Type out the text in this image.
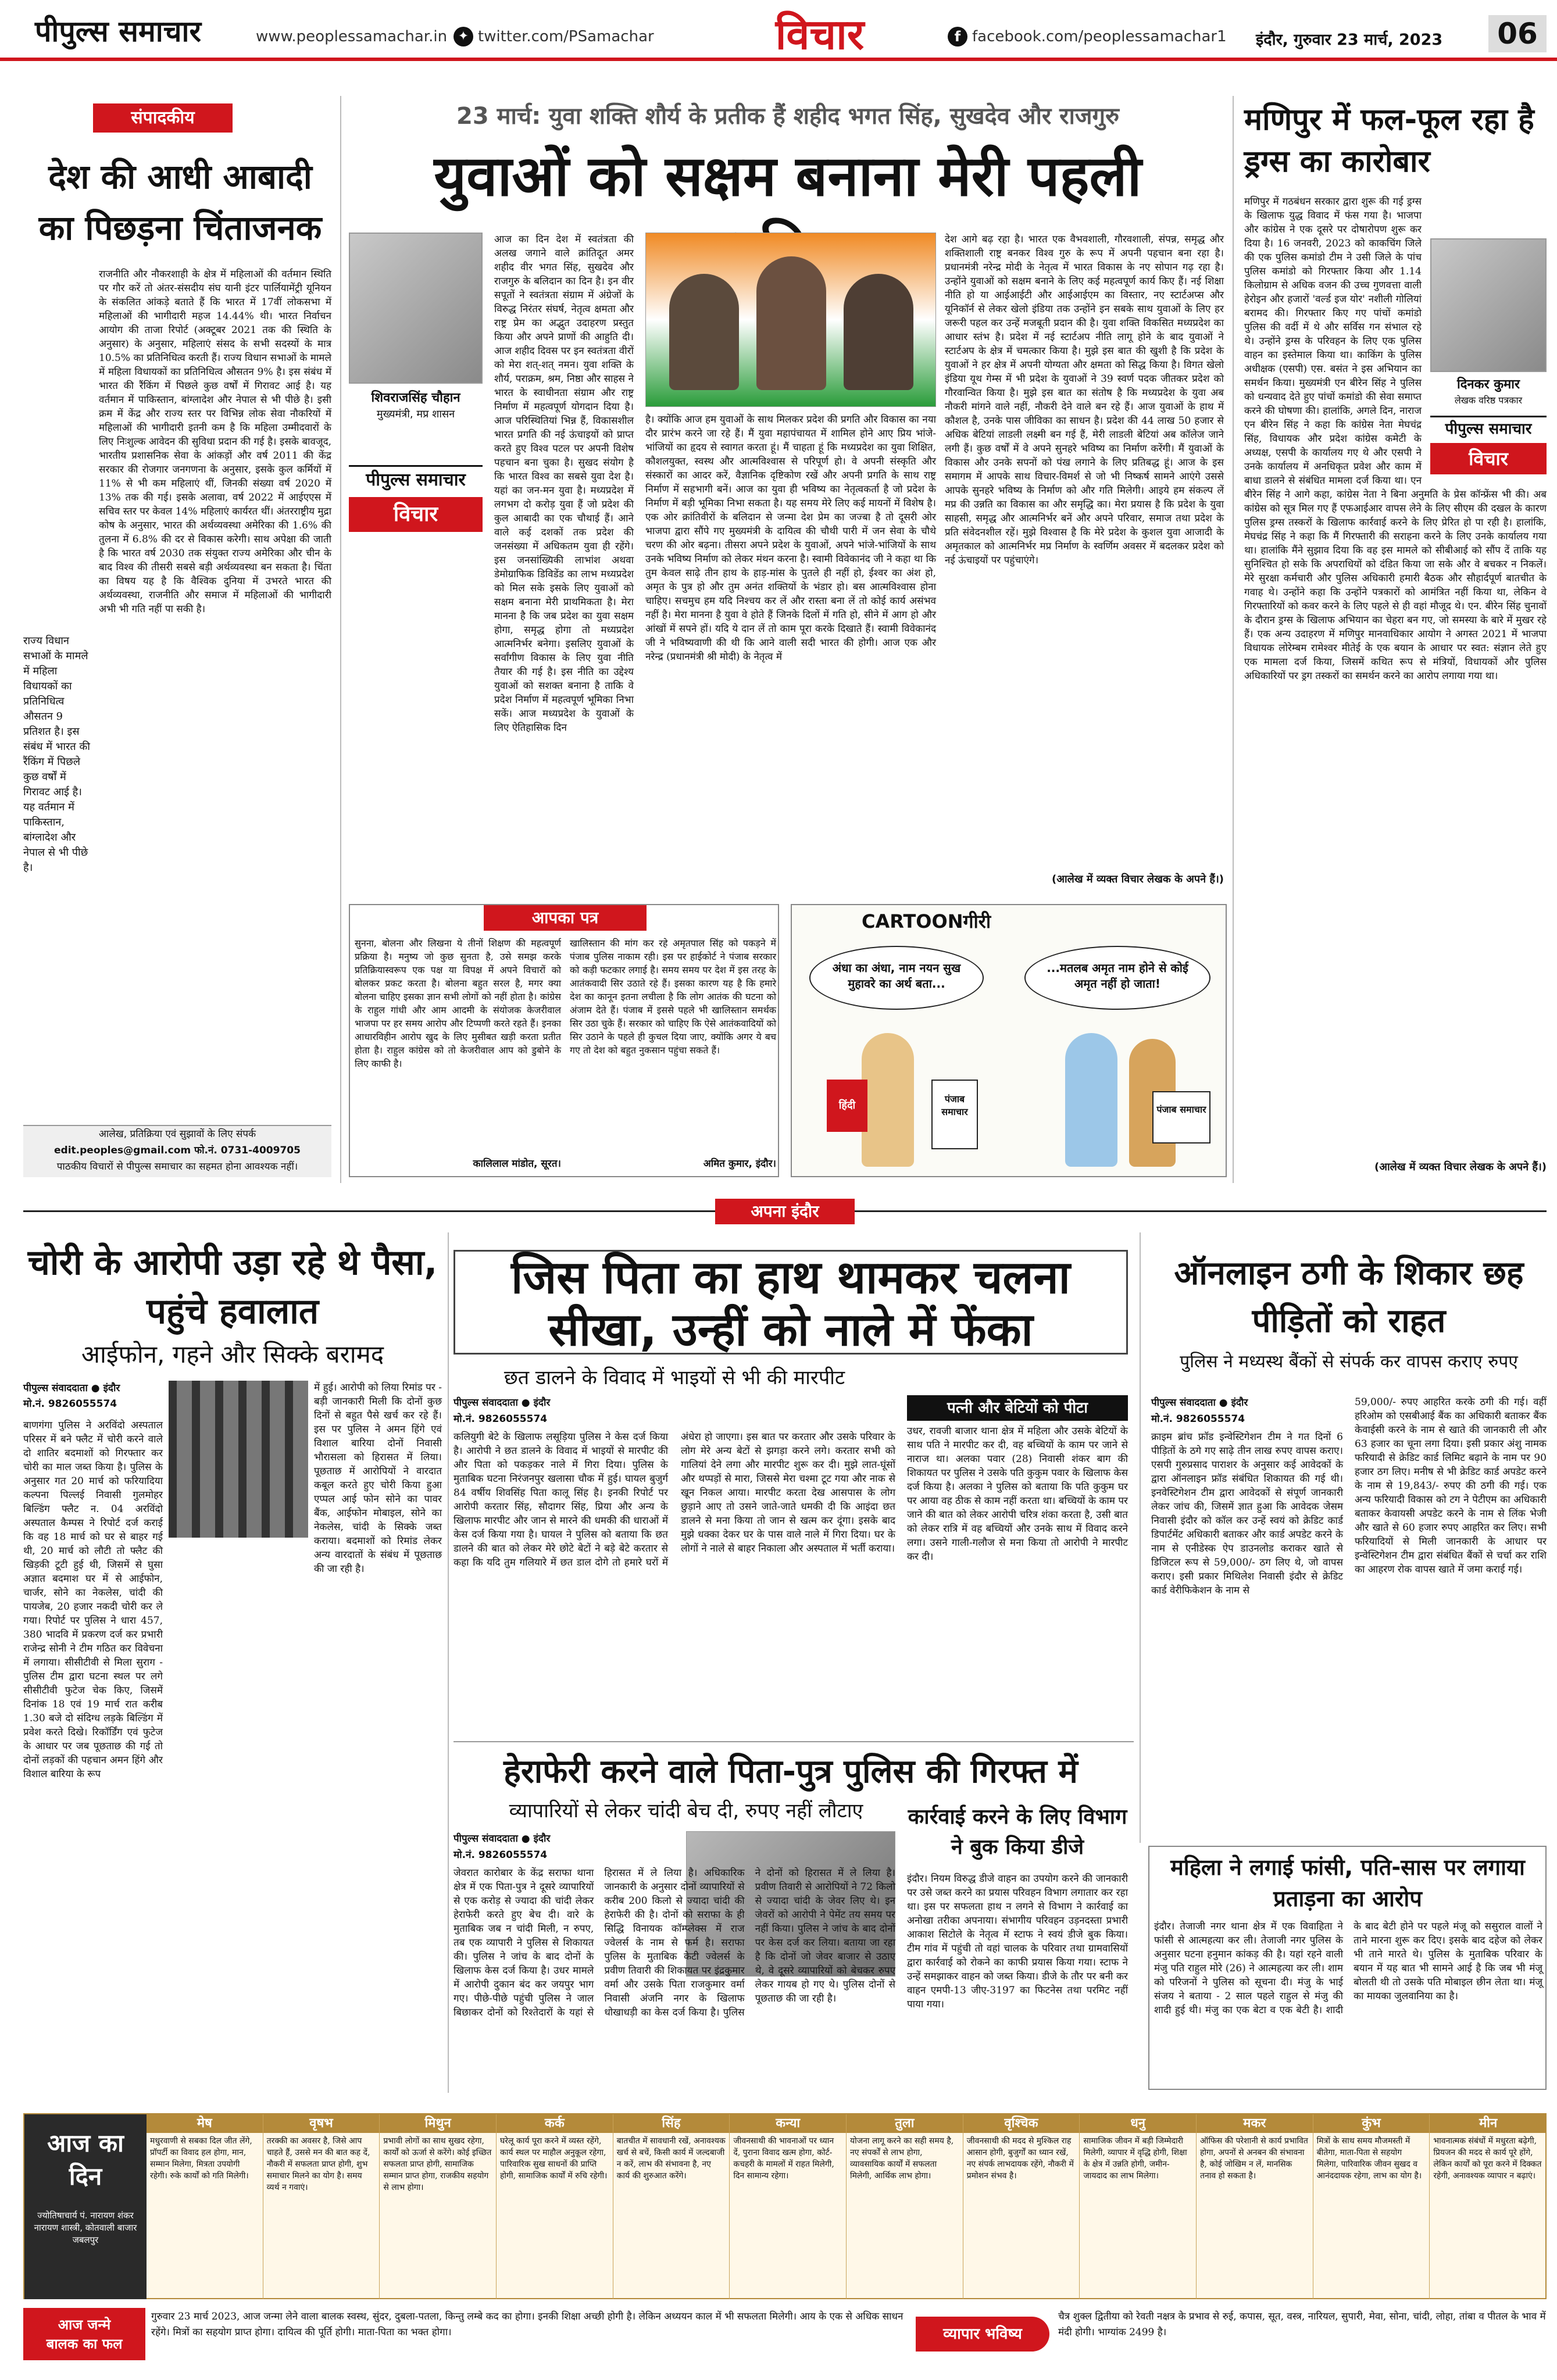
पीपुल्स समाचार	www.peoplessamachar.in ✦ twitter.com/PSamachar	विचार	f facebook.com/peoplessamachar1 इंदौर, गुरुवार 23 मार्च, 2023	06
संपादकीय
देश की आधी आबादी का पिछड़ना चिंताजनक
राजनीति और नौकरशाही के क्षेत्र में महिलाओं की वर्तमान स्थिति पर गौर करें तो अंतर-संसदीय संघ यानी इंटर पार्लियामेंट्री यूनियन के संकलित आंकड़े बताते हैं कि भारत में 17वीं लोकसभा में महिलाओं की भागीदारी महज 14.44% थी। भारत निर्वाचन आयोग की ताजा रिपोर्ट (अक्टूबर 2021 तक की स्थिति के अनुसार) के अनुसार, महिलाएं संसद के सभी सदस्यों के मात्र 10.5% का प्रतिनिधित्व करती हैं। राज्य विधान सभाओं के मामले में महिला विधायकों का प्रतिनिधित्व औसतन 9% है। इस संबंध में भारत की रैंकिंग में पिछले कुछ वर्षों में गिरावट आई है। यह वर्तमान में पाकिस्तान, बांग्लादेश और नेपाल से भी पीछे है। इसी क्रम में केंद्र और राज्य स्तर पर विभिन्न लोक सेवा नौकरियों में महिलाओं की भागीदारी इतनी कम है कि महिला उम्मीदवारों के लिए निःशुल्क आवेदन की सुविधा प्रदान की गई है। इसके बावजूद, भारतीय प्रशासनिक सेवा के आंकड़ों और वर्ष 2011 की केंद्र सरकार की रोजगार जनगणना के अनुसार, इसके कुल कर्मियों में 11% से भी कम महिलाएं थीं, जिनकी संख्या वर्ष 2020 में 13% तक की गई। इसके अलावा, वर्ष 2022 में आईएएस में सचिव स्तर पर केवल 14% महिलाएं कार्यरत थीं। अंतरराष्ट्रीय मुद्रा कोष के अनुसार, भारत की अर्थव्यवस्था अमेरिका की 1.6% की तुलना में 6.8% की दर से विकास करेगी। साथ अपेक्षा की जाती है कि भारत वर्ष 2030 तक संयुक्त राज्य अमेरिका और चीन के बाद विश्व की तीसरी सबसे बड़ी अर्थव्यवस्था बन सकता है। चिंता का विषय यह है कि वैश्विक दुनिया में उभरते भारत की अर्थव्यवस्था, राजनीति और समाज में महिलाओं की भागीदारी अभी भी गति नहीं पा सकी है।
राज्य विधान सभाओं के मामले में महिला विधायकों का प्रतिनिधित्व औसतन 9 प्रतिशत है। इस संबंध में भारत की रैंकिंग में पिछले कुछ वर्षों में गिरावट आई है। यह वर्तमान में पाकिस्तान, बांग्लादेश और नेपाल से भी पीछे है।
आलेख, प्रतिक्रिया एवं सुझावों के लिए संपर्क
edit.peoples@gmail.com फो.नं. 0731-4009705
पाठकीय विचारों से पीपुल्स समाचार का सहमत होना आवश्यक नहीं।
23 मार्च: युवा शक्ति शौर्य के प्रतीक हैं शहीद भगत सिंह, सुखदेव और राजगुरु
युवाओं को सक्षम बनाना मेरी पहली
शिवराजसिंह चौहान
मुख्यमंत्री, मप्र शासन
पीपुल्स समाचार
विचार
आज का दिन देश में स्वतंत्रता की अलख जगाने वाले क्रांतिदूत अमर शहीद वीर भगत सिंह, सुखदेव और राजगुरु के बलिदान का दिन है। इन वीर सपूतों ने स्वतंत्रता संग्राम में अंग्रेजों के विरुद्ध निरंतर संघर्ष, नेतृत्व क्षमता और राष्ट्र प्रेम का अद्भुत उदाहरण प्रस्तुत किया और अपने प्राणों की आहुति दी। आज शहीद दिवस पर इन स्वतंत्रता वीरों को मेरा शत्-शत् नमन। युवा शक्ति के शौर्य, पराक्रम, श्रम, निष्ठा और साहस ने भारत के स्वाधीनता संग्राम और राष्ट्र निर्माण में महत्वपूर्ण योगदान दिया है। आज परिस्थितियां भिन्न हैं, विकासशील भारत प्रगति की नई ऊंचाइयों को प्राप्त करते हुए विश्व पटल पर अपनी विशेष पहचान बना चुका है। सुखद संयोग है कि भारत विश्व का सबसे युवा देश है। यहां का जन-मन युवा है। मध्यप्रदेश में लगभग दो करोड़ युवा हैं जो प्रदेश की कुल आबादी का एक चौथाई हैं। आने वाले कई दशकों तक प्रदेश की जनसंख्या में अधिकतम युवा ही रहेंगे। इस जनसांख्यिकी लाभांश अथवा डेमोग्राफिक डिविडेंड का लाभ मध्यप्रदेश को मिल सके इसके लिए युवाओं को सक्षम बनाना मेरी प्राथमिकता है। मेरा मानना है कि जब प्रदेश का युवा सक्षम होगा, समृद्ध होगा तो मध्यप्रदेश आत्मनिर्भर बनेगा। इसलिए युवाओं के सर्वांगीण विकास के लिए युवा नीति तैयार की गई है। इस नीति का उद्देश्य युवाओं को सशक्त बनाना है ताकि वे प्रदेश निर्माण में महत्वपूर्ण भूमिका निभा सकें। आज मध्यप्रदेश के युवाओं के लिए ऐतिहासिक दिन
है। क्योंकि आज हम युवाओं के साथ मिलकर प्रदेश की प्रगति और विकास का नया दौर प्रारंभ करने जा रहे हैं। मैं युवा महापंचायत में शामिल होने आए प्रिय भांजे-भांजियों का हृदय से स्वागत करता हूं। मैं चाहता हूं कि मध्यप्रदेश का युवा शिक्षित, कौशलयुक्त, स्वस्थ और आत्मविश्वास से परिपूर्ण हो। वे अपनी संस्कृति और संस्कारों का आदर करें, वैज्ञानिक दृष्टिकोण रखें और अपनी प्रगति के साथ राष्ट्र निर्माण में सहभागी बनें। आज का युवा ही भविष्य का नेतृत्वकर्ता है जो प्रदेश के निर्माण में बड़ी भूमिका निभा सकता है। यह समय मेरे लिए कई मायनों में विशेष है। एक ओर क्रांतिवीरों के बलिदान से जन्मा देश प्रेम का जज्बा है तो दूसरी ओर भाजपा द्वारा सौंपे गए मुख्यमंत्री के दायित्व की चौथी पारी में जन सेवा के चौथे चरण की ओर बढ़ना। तीसरा अपने प्रदेश के युवाओं, अपने भांजे-भांजियों के साथ उनके भविष्य निर्माण को लेकर मंथन करना है। स्वामी विवेकानंद जी ने कहा था कि तुम केवल साढ़े तीन हाथ के हाड़-मांस के पुतले ही नहीं हो, ईश्वर का अंश हो, अमृत के पुत्र हो और तुम अनंत शक्तियों के भंडार हो। बस आत्मविश्वास होना चाहिए। सचमुच हम यदि निश्चय कर लें और रास्ता बना लें तो कोई कार्य असंभव नहीं है। मेरा मानना है युवा वे होते हैं जिनके दिलों में गति हो, सीने में आग हो और आंखों में सपने हों। यदि ये दान लें तो काम पूरा करके दिखाते हैं। स्वामी विवेकानंद जी ने भविष्यवाणी की थी कि आने वाली सदी भारत की होगी। आज एक और नरेन्द्र (प्रधानमंत्री श्री मोदी) के नेतृत्व में
देश आगे बढ़ रहा है। भारत एक वैभवशाली, गौरवशाली, संपन्न, समृद्ध और शक्तिशाली राष्ट्र बनकर विश्व गुरु के रूप में अपनी पहचान बना रहा है। प्रधानमंत्री नरेन्द्र मोदी के नेतृत्व में भारत विकास के नए सोपान गढ़ रहा है। उन्होंने युवाओं को सक्षम बनाने के लिए कई महत्वपूर्ण कार्य किए हैं। नई शिक्षा नीति हो या आईआईटी और आईआईएम का विस्तार, नए स्टार्टअप्स और यूनिकॉर्न से लेकर खेलो इंडिया तक उन्होंने इन सबके साथ युवाओं के लिए हर जरूरी पहल कर उन्हें मजबूती प्रदान की है। युवा शक्ति विकसित मध्यप्रदेश का आधार स्तंभ है। प्रदेश में नई स्टार्टअप नीति लागू होने के बाद युवाओं ने स्टार्टअप के क्षेत्र में चमत्कार किया है। मुझे इस बात की खुशी है कि प्रदेश के युवाओं ने हर क्षेत्र में अपनी योग्यता और क्षमता को सिद्ध किया है। विगत खेलो इंडिया यूथ गेम्स में भी प्रदेश के युवाओं ने 39 स्वर्ण पदक जीतकर प्रदेश को गौरवान्वित किया है। मुझे इस बात का संतोष है कि मध्यप्रदेश के युवा अब नौकरी मांगने वाले नहीं, नौकरी देने वाले बन रहे हैं। आज युवाओं के हाथ में कौशल है, उनके पास जीविका का साधन है। प्रदेश की 44 लाख 50 हजार से अधिक बेटियां लाडली लक्ष्मी बन गई हैं, मेरी लाडली बेटियां अब कॉलेज जाने लगी हैं। कुछ वर्षों में वे अपने सुनहरे भविष्य का निर्माण करेंगी। मैं युवाओं के विकास और उनके सपनों को पंख लगाने के लिए प्रतिबद्ध हूं। आज के इस समागम में आपके साथ विचार-विमर्श से जो भी निष्कर्ष सामने आएंगे उससे आपके सुनहरे भविष्य के निर्माण को और गति मिलेगी। आइये हम संकल्प लें मप्र की उन्नति का विकास का और समृद्धि का। मेरा प्रयास है कि प्रदेश के युवा साहसी, समृद्ध और आत्मनिर्भर बनें और अपने परिवार, समाज तथा प्रदेश के प्रति संवेदनशील रहें। मुझे विश्वास है कि मेरे प्रदेश के कुशल युवा आजादी के अमृतकाल को आत्मनिर्भर मप्र निर्माण के स्वर्णिम अवसर में बदलकर प्रदेश को नई ऊंचाइयों पर पहुंचाएंगे।
(आलेख में व्यक्त विचार लेखक के अपने हैं।)
मणिपुर में फल-फूल रहा है ड्रग्स का कारोबार
दिनकर कुमार
लेखक वरिष्ठ पत्रकार
पीपुल्स समाचार
विचार
मणिपुर में गठबंधन सरकार द्वारा शुरू की गई ड्रग्स के खिलाफ युद्ध विवाद में फंस गया है। भाजपा और कांग्रेस ने एक दूसरे पर दोषारोपण शुरू कर दिया है। 16 जनवरी, 2023 को काकचिंग जिले की एक पुलिस कमांडो टीम ने उसी जिले के पांच पुलिस कमांडो को गिरफ्तार किया और 1.14 किलोग्राम से अधिक वजन की उच्च गुणवत्ता वाली हेरोइन और हजारों 'वर्ल्ड इज योर' नशीली गोलियां बरामद की। गिरफ्तार किए गए पांचों कमांडो पुलिस की वर्दी में थे और सर्विस गन संभाल रहे थे। उन्होंने ड्रग्स के परिवहन के लिए एक पुलिस वाहन का इस्तेमाल किया था। काकिंग के पुलिस अधीक्षक (एसपी) एस. बसंत ने इस अभियान का समर्थन किया। मुख्यमंत्री एन बीरेन सिंह ने पुलिस को धन्यवाद देते हुए पांचों कमांडो की सेवा समाप्त करने की घोषणा की। हालांकि, अगले दिन, नाराज एन बीरेन सिंह ने कहा कि कांग्रेस नेता मेघचंद्र सिंह, विधायक और प्रदेश कांग्रेस कमेटी के अध्यक्ष, एसपी के कार्यालय गए थे और एसपी ने उनके कार्यालय में अनधिकृत प्रवेश और काम में बाधा डालने से संबंधित मामला दर्ज किया था। एन बीरेन सिंह ने आगे कहा, कांग्रेस नेता ने बिना अनुमति के प्रेस कॉन्फ्रेंस भी की। अब कांग्रेस को सूत्र मिल गए हैं एफआईआर वापस लेने के लिए सीएम की दखल के कारण पुलिस ड्रग्स तस्करों के खिलाफ कार्रवाई करने के लिए प्रेरित हो पा रही है। हालांकि, मेघचंद्र सिंह ने कहा कि मैं गिरफ्तारी की सराहना करने के लिए उनके कार्यालय गया था। हालांकि मैंने सुझाव दिया कि वह इस मामले को सीबीआई को सौंप दें ताकि यह सुनिश्चित हो सके कि अपराधियों को दंडित किया जा सके और वे बचकर न निकलें। मेरे सुरक्षा कर्मचारी और पुलिस अधिकारी हमारी बैठक और सौहार्दपूर्ण बातचीत के गवाह थे। उन्होंने कहा कि उन्होंने पत्रकारों को आमंत्रित नहीं किया था, लेकिन वे गिरफ्तारियों को कवर करने के लिए पहले से ही वहां मौजूद थे। एन. बीरेन सिंह चुनावों के दौरान ड्रग्स के खिलाफ अभियान का चेहरा बन गए, जो समस्या के बारे में मुखर रहे हैं। एक अन्य उदाहरण में मणिपुर मानवाधिकार आयोग ने अगस्त 2021 में भाजपा विधायक लोरेम्बम रामेश्वर मीतेई के एक बयान के आधार पर स्वत: संज्ञान लेते हुए एक मामला दर्ज किया, जिसमें कथित रूप से मंत्रियों, विधायकों और पुलिस अधिकारियों पर ड्रग तस्करों का समर्थन करने का आरोप लगाया गया था।
(आलेख में व्यक्त विचार लेखक के अपने हैं।)
आपका पत्र
सुनना, बोलना और लिखना ये तीनों शिक्षण की महत्वपूर्ण प्रक्रिया है। मनुष्य जो कुछ सुनता है, उसे समझ करके प्रतिक्रियास्वरूप एक पक्ष या विपक्ष में अपने विचारों को बोलकर प्रकट करता है। बोलना बहुत सरल है, मगर क्या बोलना चाहिए इसका ज्ञान सभी लोगों को नहीं होता है। कांग्रेस के राहुल गांधी और आम आदमी के संयोजक केजरीवाल भाजपा पर हर समय आरोप और टिप्पणी करते रहते हैं। इनका आधारविहीन आरोप खुद के लिए मुसीबत खड़ी करता प्रतीत होता है। राहुल कांग्रेस को तो केजरीवाल आप को डुबोने के लिए काफी है।
कालिलाल मांडोत, सूरत।
खालिस्तान की मांग कर रहे अमृतपाल सिंह को पकड़ने में पंजाब पुलिस नाकाम रही। इस पर हाईकोर्ट ने पंजाब सरकार को कड़ी फटकार लगाई है। समय समय पर देश में इस तरह के आतंकवादी सिर उठाते रहे हैं। इसका कारण यह है कि हमारे देश का कानून इतना लचीला है कि लोग आतंक की घटना को अंजाम देते हैं। पंजाब में इससे पहले भी खालिस्तान समर्थक सिर उठा चुके हैं। सरकार को चाहिए कि ऐसे आतंकवादियों को सिर उठाने के पहले ही कुचल दिया जाए, क्योंकि अगर ये बच गए तो देश को बहुत नुकसान पहुंचा सकते हैं।
अमित कुमार, इंदौर।
CARTOONगीरी
अंधा का अंधा, नाम नयन सुख मुहावरे का अर्थ बता...
...मतलब अमृत नाम होने से कोई अमृत नहीं हो जाता!
हिंदी
पंजाब समाचार	पंजाब समाचार
अपना इंदौर
चोरी के आरोपी उड़ा रहे थे पैसा, पहुंचे हवालात
आईफोन, गहने और सिक्के बरामद
पीपुल्स संवाददाता ● इंदौर
मो.नं. 9826055574
बाणगंगा पुलिस ने अरविंदो अस्पताल परिसर में बने फ्लैट में चोरी करने वाले दो शातिर बदमाशों को गिरफ्तार कर चोरी का माल जब्त किया है। पुलिस के अनुसार गत 20 मार्च को फरियादिया कल्पना पिल्लई निवासी गुलमोहर बिल्डिंग फ्लैट न. 04 अरविंदो अस्पताल कैम्पस ने रिपोर्ट दर्ज कराई कि वह 18 मार्च को घर से बाहर गई थी, 20 मार्च को लौटी तो फ्लैट की खिड़की टूटी हुई थी, जिसमें से घुसा अज्ञात बदमाश घर में से आईफोन, चार्जर, सोने का नेकलेस, चांदी की पायजेब, 20 हजार नकदी चोरी कर ले गया। रिपोर्ट पर पुलिस ने धारा 457, 380 भादवि में प्रकरण दर्ज कर प्रभारी राजेन्द्र सोनी ने टीम गठित कर विवेचना में लगाया। सीसीटीवी से मिला सुराग - पुलिस टीम द्वारा घटना स्थल पर लगे सीसीटीवी फुटेज चेक किए, जिसमें दिनांक 18 एवं 19 मार्च रात करीब 1.30 बजे दो संदिग्ध लड़के बिल्डिंग में प्रवेश करते दिखे। रिकॉर्डिंग एवं फुटेज के आधार पर जब पूछताछ की गई तो दोनों लड़कों की पहचान अमन हिंगे और विशाल बारिया के रूप
में हुई। आरोपी को लिया रिमांड पर - बड़ी जानकारी मिली कि दोनों कुछ दिनों से बहुत पैसे खर्च कर रहे हैं। इस पर पुलिस ने अमन हिंगे एवं विशाल बारिया दोनों निवासी भौरासला को हिरासत में लिया। पूछताछ में आरोपियों ने वारदात कबूल करते हुए चोरी किया हुआ एप्पल आई फोन सोने का पावर बैंक, आईफोन मोबाइल, सोने का नेकलेस, चांदी के सिक्के जब्त कराया। बदमाशों को रिमांड लेकर अन्य वारदातों के संबंध में पूछताछ की जा रही है।
जिस पिता का हाथ थामकर चलना
सीखा, उन्हीं को नाले में फेंका
छत डालने के विवाद में भाइयों से भी की मारपीट
पीपुल्स संवाददाता ● इंदौर
मो.नं. 9826055574
कलियुगी बेटे के खिलाफ लसूड़िया पुलिस ने केस दर्ज किया है। आरोपी ने छत डालने के विवाद में भाइयों से मारपीट की और पिता को पकड़कर नाले में गिरा दिया। पुलिस के मुताबिक घटना निरंजनपुर खलासा चौक में हुई। घायल बुजुर्ग 84 वर्षीय शिवसिंह पिता कालू सिंह है। इनकी रिपोर्ट पर आरोपी करतार सिंह, सौदागर सिंह, प्रिया और अन्य के खिलाफ मारपीट और जान से मारने की धमकी की धाराओं में केस दर्ज किया गया है। घायल ने पुलिस को बताया कि छत डालने की बात को लेकर मेरे छोटे बेटों ने बड़े बेटे करतार से कहा कि यदि तुम गलियारे में छत डाल दोगे तो हमारे घरों में अंधेरा हो जाएगा। इस बात पर करतार और उसके परिवार के लोग मेरे अन्य बेटों से झगड़ा करने लगे। करतार सभी को गालियां देने लगा और मारपीट शुरू कर दी। मुझे लात-घूंसों और थप्पड़ों से मारा, जिससे मेरा चश्मा टूट गया और नाक से खून निकल आया। मारपीट करता देख आसपास के लोग छुड़ाने आए तो उसने जाते-जाते धमकी दी कि आइंदा छत डालने से मना किया तो जान से खत्म कर दूंगा। इसके बाद मुझे धक्का देकर घर के पास वाले नाले में गिरा दिया। घर के लोगों ने नाले से बाहर निकाला और अस्पताल में भर्ती कराया।
पत्नी और बेटियों को पीटा
उधर, रावजी बाजार थाना क्षेत्र में महिला और उसके बेटियों के साथ पति ने मारपीट कर दी, वह बच्चियों के काम पर जाने से नाराज था। अलका पवार (28) निवासी शंकर बाग की शिकायत पर पुलिस ने उसके पति कुकुम पवार के खिलाफ केस दर्ज किया है। अलका ने पुलिस को बताया कि पति कुकुम घर पर आया वह ठीक से काम नहीं करता था। बच्चियों के काम पर जाने की बात को लेकर आरोपी चरित्र शंका करता है, उसी बात को लेकर रात्रि में वह बच्चियों और उनके साथ में विवाद करने लगा। उसने गाली-गलौज से मना किया तो आरोपी ने मारपीट कर दी।
ऑनलाइन ठगी के शिकार छह पीड़ितों को राहत
पुलिस ने मध्यस्थ बैंकों से संपर्क कर वापस कराए रुपए
पीपुल्स संवाददाता ● इंदौर
मो.नं. 9826055574
क्राइम ब्रांच फ्रॉड इन्वेस्टिगेशन टीम ने गत दिनों 6 पीड़ितों के ठगे गए साढ़े तीन लाख रुपए वापस कराए। एसपी गुरुप्रसाद पाराशर के अनुसार कई आवेदकों के द्वारा ऑनलाइन फ्रॉड संबंधित शिकायत की गई थी। इनवेस्टिगेशन टीम द्वारा आवेदकों से संपूर्ण जानकारी लेकर जांच की, जिसमें ज्ञात हुआ कि आवेदक जेसम निवासी इंदौर को कॉल कर उन्हें स्वयं को क्रेडिट कार्ड डिपार्टमेंट अधिकारी बताकर और कार्ड अपडेट करने के नाम से एनीडेस्क ऐप डाउनलोड कराकर खाते से डिजिटल रूप से 59,000/- ठग लिए थे, जो वापस कराए। इसी प्रकार मिथिलेश निवासी इंदौर से क्रेडिट कार्ड वेरीफिकेशन के नाम से
59,000/- रुपए आहरित करके ठगी की गई। वहीं हरिओम को एसबीआई बैंक का अधिकारी बताकर बैंक केवाईसी करने के नाम से खाते की जानकारी ली और 63 हजार का चूना लगा दिया। इसी प्रकार अंशु नामक फरियादी से क्रेडिट कार्ड लिमिट बढ़ाने के नाम पर 90 हजार ठग लिए। मनीष से भी क्रेडिट कार्ड अपडेट करने के नाम से 19,843/- रुपए की ठगी की गई। एक अन्य फरियादी विकास को टग ने पेटीएम का अधिकारी बताकर केवायसी अपडेट करने के नाम से लिंक भेजी और खाते से 60 हजार रुपए आहरित कर लिए। सभी फरियादियों से मिली जानकारी के आधार पर इन्वेस्टिगेशन टीम द्वारा संबंधित बैंकों से चर्चा कर राशि का आहरण रोक वापस खाते में जमा कराई गई।
हेराफेरी करने वाले पिता-पुत्र पुलिस की गिरफ्त में
व्यापारियों से लेकर चांदी बेच दी, रुपए नहीं लौटाए
पीपुल्स संवाददाता ● इंदौर
मो.नं. 9826055574
जेवरात कारोबार के केंद्र सराफा थाना क्षेत्र में एक पिता-पुत्र ने दूसरे व्यापारियों से एक करोड़ से ज्यादा की चांदी लेकर हेराफेरी करते हुए बेच दी। वारे के मुताबिक जब न चांदी मिली, न रुपए, तब एक व्यापारी ने पुलिस से शिकायत की। पुलिस ने जांच के बाद दोनों के खिलाफ केस दर्ज किया है। उधर मामले में आरोपी दुकान बंद कर जयपुर भाग गए। पीछे-पीछे पहुंची पुलिस ने जाल बिछाकर दोनों को रिश्तेदारों के यहां से हिरासत में ले लिया है। अधिकारिक जानकारी के अनुसार दोनों व्यापारियों से करीब 200 किलो से ज्यादा चांदी की हेराफेरी की है। दोनों को सराफा के ही सिद्धि विनायक कॉम्प्लेक्स में राज ज्वेलर्स के नाम से फर्म है। सराफा पुलिस के मुताबिक केटी ज्वेलर्स के प्रवीण तिवारी की शिकायत पर इंद्रकुमार वर्मा और उसके पिता राजकुमार वर्मा निवासी अंजनि नगर के खिलाफ धोखाधड़ी का केस दर्ज किया है। पुलिस ने दोनों को हिरासत में ले लिया है। प्रवीण तिवारी से आरोपियों ने 72 किलो से ज्यादा चांदी के जेवर लिए थे। इन जेवरों को आरोपी ने पेमेंट तय समय पर नहीं किया। पुलिस ने जांच के बाद दोनों पर केस दर्ज कर लिया। बताया जा रहा है कि दोनों जो जेवर बाजार से उठाए थे, वे दूसरे व्यापारियों को बेचकर रुपए लेकर गायब हो गए थे। पुलिस दोनों से पूछताछ की जा रही है।
कार्रवाई करने के लिए विभाग ने बुक किया डीजे
इंदौर। नियम विरुद्ध डीजे वाहन का उपयोग करने की जानकारी पर उसे जब्त करने का प्रयास परिवहन विभाग लगातार कर रहा था। इस पर सफलता हाथ न लगने से विभाग ने कार्रवाई का अनोखा तरीका अपनाया। संभागीय परिवहन उड़नदस्ता प्रभारी आकाश सिटोले के नेतृत्व में स्टाफ ने स्वयं डीजे बुक किया। टीम गांव में पहुंची तो वहां चालक के परिवार तथा ग्रामवासियों द्वारा कार्रवाई को रोकने का काफी प्रयास किया गया। स्टाफ ने उन्हें समझाकर वाहन को जब्त किया। डीजे के तौर पर बनी कर वाहन एमपी-13 जीए-3197 का फिटनेस तथा परमिट नहीं पाया गया।
महिला ने लगाई फांसी, पति-सास पर लगाया प्रताड़ना का आरोप
इंदौर। तेजाजी नगर थाना क्षेत्र में एक विवाहिता ने फांसी से आत्महत्या कर ली। तेजाजी नगर पुलिस के अनुसार घटना हनुमान कांकड़ की है। यहां रहने वाली मंजु पति राहुल मोरे (26) ने आत्महत्या कर ली। शाम को परिजनों ने पुलिस को सूचना दी। मंजु के भाई संजय ने बताया - 2 साल पहले राहुल से मंजु की शादी हुई थी। मंजु का एक बेटा व एक बेटी है। शादी के बाद बेटी होने पर पहले मंजू को ससुराल वालों ने ताने मारना शुरू कर दिए। इसके बाद दहेज को लेकर भी ताने मारते थे। पुलिस के मुताबिक परिवार के बयान में यह बात भी सामने आई है कि जब भी मंजू बोलती थी तो उसके पति मोबाइल छीन लेता था। मंजू का मायका जुलवानिया का है।
आज का
दिन
ज्योतिषाचार्य पं. नारायण शंकर नारायण शास्त्री, कोतवाली बाजार जबलपुर
मेष
मधुरवाणी से सबका दिल जीत लेंगे, प्रॉपर्टी का विवाद हल होगा, मान, सम्मान मिलेगा, मित्रता उपयोगी रहेगी। रुके कार्यों को गति मिलेगी।
वृषभ
तरक्की का अवसर है, जिसे आप चाहते हैं, उससे मन की बात कह दें, नौकरी में सफलता प्राप्त होगी, शुभ समाचार मिलने का योग है। समय व्यर्थ न गवाएं।
मिथुन
प्रभावी लोगों का साथ सुखद रहेगा, कार्यों को ऊर्जा से करेंगे। कोई इच्छित सफलता प्राप्त होगी, सामाजिक सम्मान प्राप्त होगा, राजकीय सहयोग से लाभ होगा।
कर्क
घरेलू कार्य पूरा करने में व्यस्त रहेंगे, कार्य स्थल पर माहौल अनुकूल रहेगा, पारिवारिक सुख साधनों की प्राप्ति होगी, सामाजिक कार्यों में रुचि रहेगी।
सिंह
बातचीत में सावधानी रखें, अनावश्यक खर्च से बचें, किसी कार्य में जल्दबाजी न करें, लाभ की संभावना है, नए कार्य की शुरुआत करेंगे।
कन्या
जीवनसाथी की भावनाओं पर ध्यान दें, पुराना विवाद खत्म होगा, कोर्ट-कचहरी के मामलों में राहत मिलेगी, दिन सामान्य रहेगा।
तुला
योजना लागू करने का सही समय है, नए संपर्कों से लाभ होगा, व्यावसायिक कार्यों में सफलता मिलेगी, आर्थिक लाभ होगा।
वृश्चिक
जीवनसाथी की मदद से मुश्किल राह आसान होगी, बुजुर्गों का ध्यान रखें, नए संपर्क लाभदायक रहेंगे, नौकरी में प्रमोशन संभव है।
धनु
सामाजिक जीवन में बड़ी जिम्मेदारी मिलेगी, व्यापार में वृद्धि होगी, शिक्षा के क्षेत्र में उन्नति होगी, जमीन-जायदाद का लाभ मिलेगा।
मकर
ऑफिस की परेशानी से कार्य प्रभावित होगा, अपनों से अनबन की संभावना है, कोई जोखिम न लें, मानसिक तनाव हो सकता है।
कुंभ
मित्रों के साथ समय मौजमस्ती में बीतेगा, माता-पिता से सहयोग मिलेगा, पारिवारिक जीवन सुखद व आनंददायक रहेगा, लाभ का योग है।
मीन
भावनात्मक संबंधों में मधुरता बढ़ेगी, प्रियजन की मदद से कार्य पूरे होंगे, लेकिन कार्यों को पूरा करने में दिक्कत रहेगी, अनावश्यक व्यापार न बढ़ाएं।
आज जन्मे
बालक का फल
गुरुवार 23 मार्च 2023, आज जन्मा लेने वाला बालक स्वस्थ, सुंदर, दुबला-पतला, किन्तु लम्बे कद का होगा। इनकी शिक्षा अच्छी होगी है। लेकिन अध्ययन काल में भी सफलता मिलेगी। आय के एक से अधिक साधन रहेंगे। मित्रों का सहयोग प्राप्त होगा। दायित्व की पूर्ति होगी। माता-पिता का भक्त होगा।	व्यापार भविष्य
चैत्र शुक्ल द्वितीया को रेवती नक्षत्र के प्रभाव से रुई, कपास, सूत, वस्त्र, नारियल, सुपारी, मेवा, सोना, चांदी, लोहा, तांबा व पीतल के भाव में मंदी होगी। भाग्यांक 2499 है।
